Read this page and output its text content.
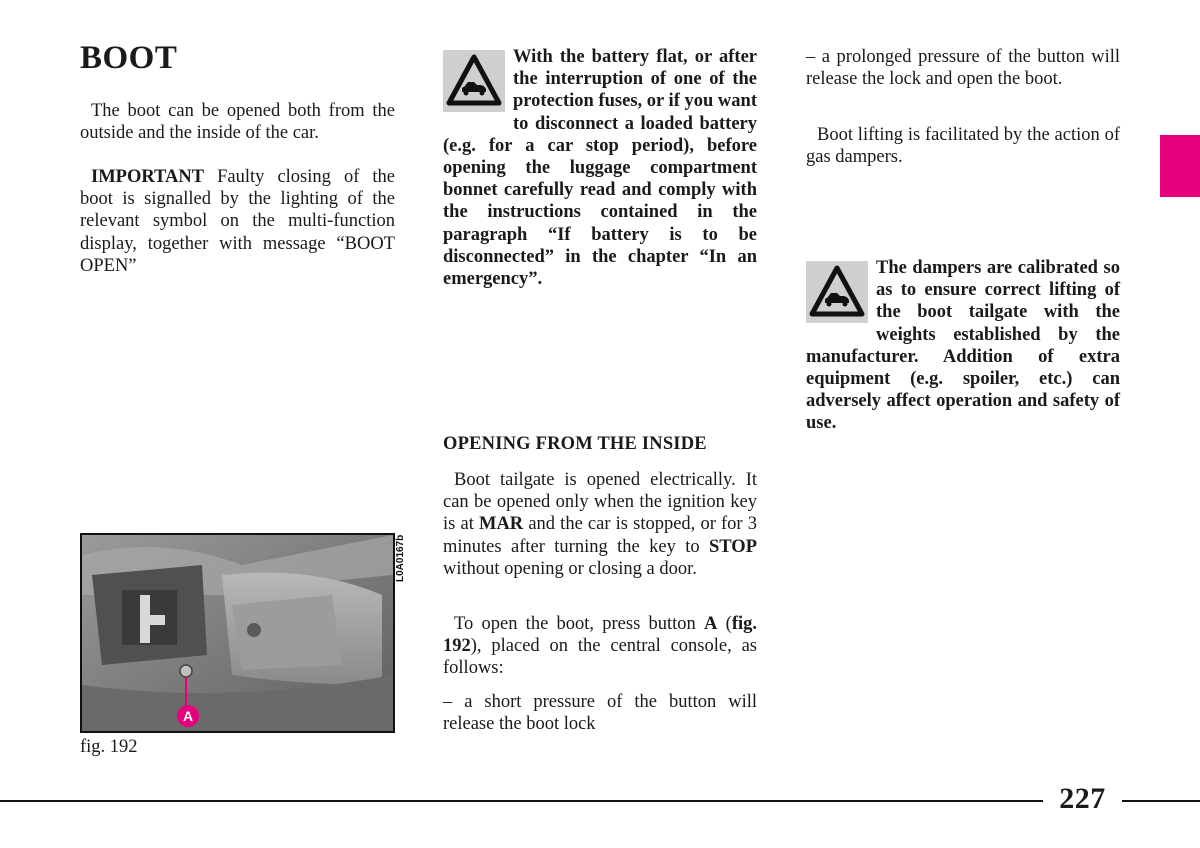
BOOT

The boot can be opened both from the outside and the inside of the car.

IMPORTANT Faulty closing of the boot is signalled by the lighting of the relevant symbol on the multi-function display, together with message “BOOT OPEN”

A
fig. 192
L0A0167b

With the battery flat, or after the interruption of one of the protection fuses, or if you want to disconnect a loaded battery (e.g. for a car stop period), before opening the luggage compartment bonnet carefully read and comply with the instructions contained in the paragraph “If battery is to be disconnected” in the chapter “In an emergency”.

OPENING FROM THE INSIDE

Boot tailgate is opened electrically. It can be opened only when the ignition key is at MAR and the car is stopped, or for 3 minutes after turning the key to STOP without opening or closing a door.

To open the boot, press button A (fig. 192), placed on the central console, as follows:

– a short pressure of the button will release the boot lock

– a prolonged pressure of the button will release the lock and open the boot.

Boot lifting is facilitated by the action of gas dampers.

The dampers are calibrated so as to ensure correct lifting of the boot tailgate with the weights established by the manufacturer. Addition of extra equipment (e.g. spoiler, etc.) can adversely affect operation and safety of use.

227
